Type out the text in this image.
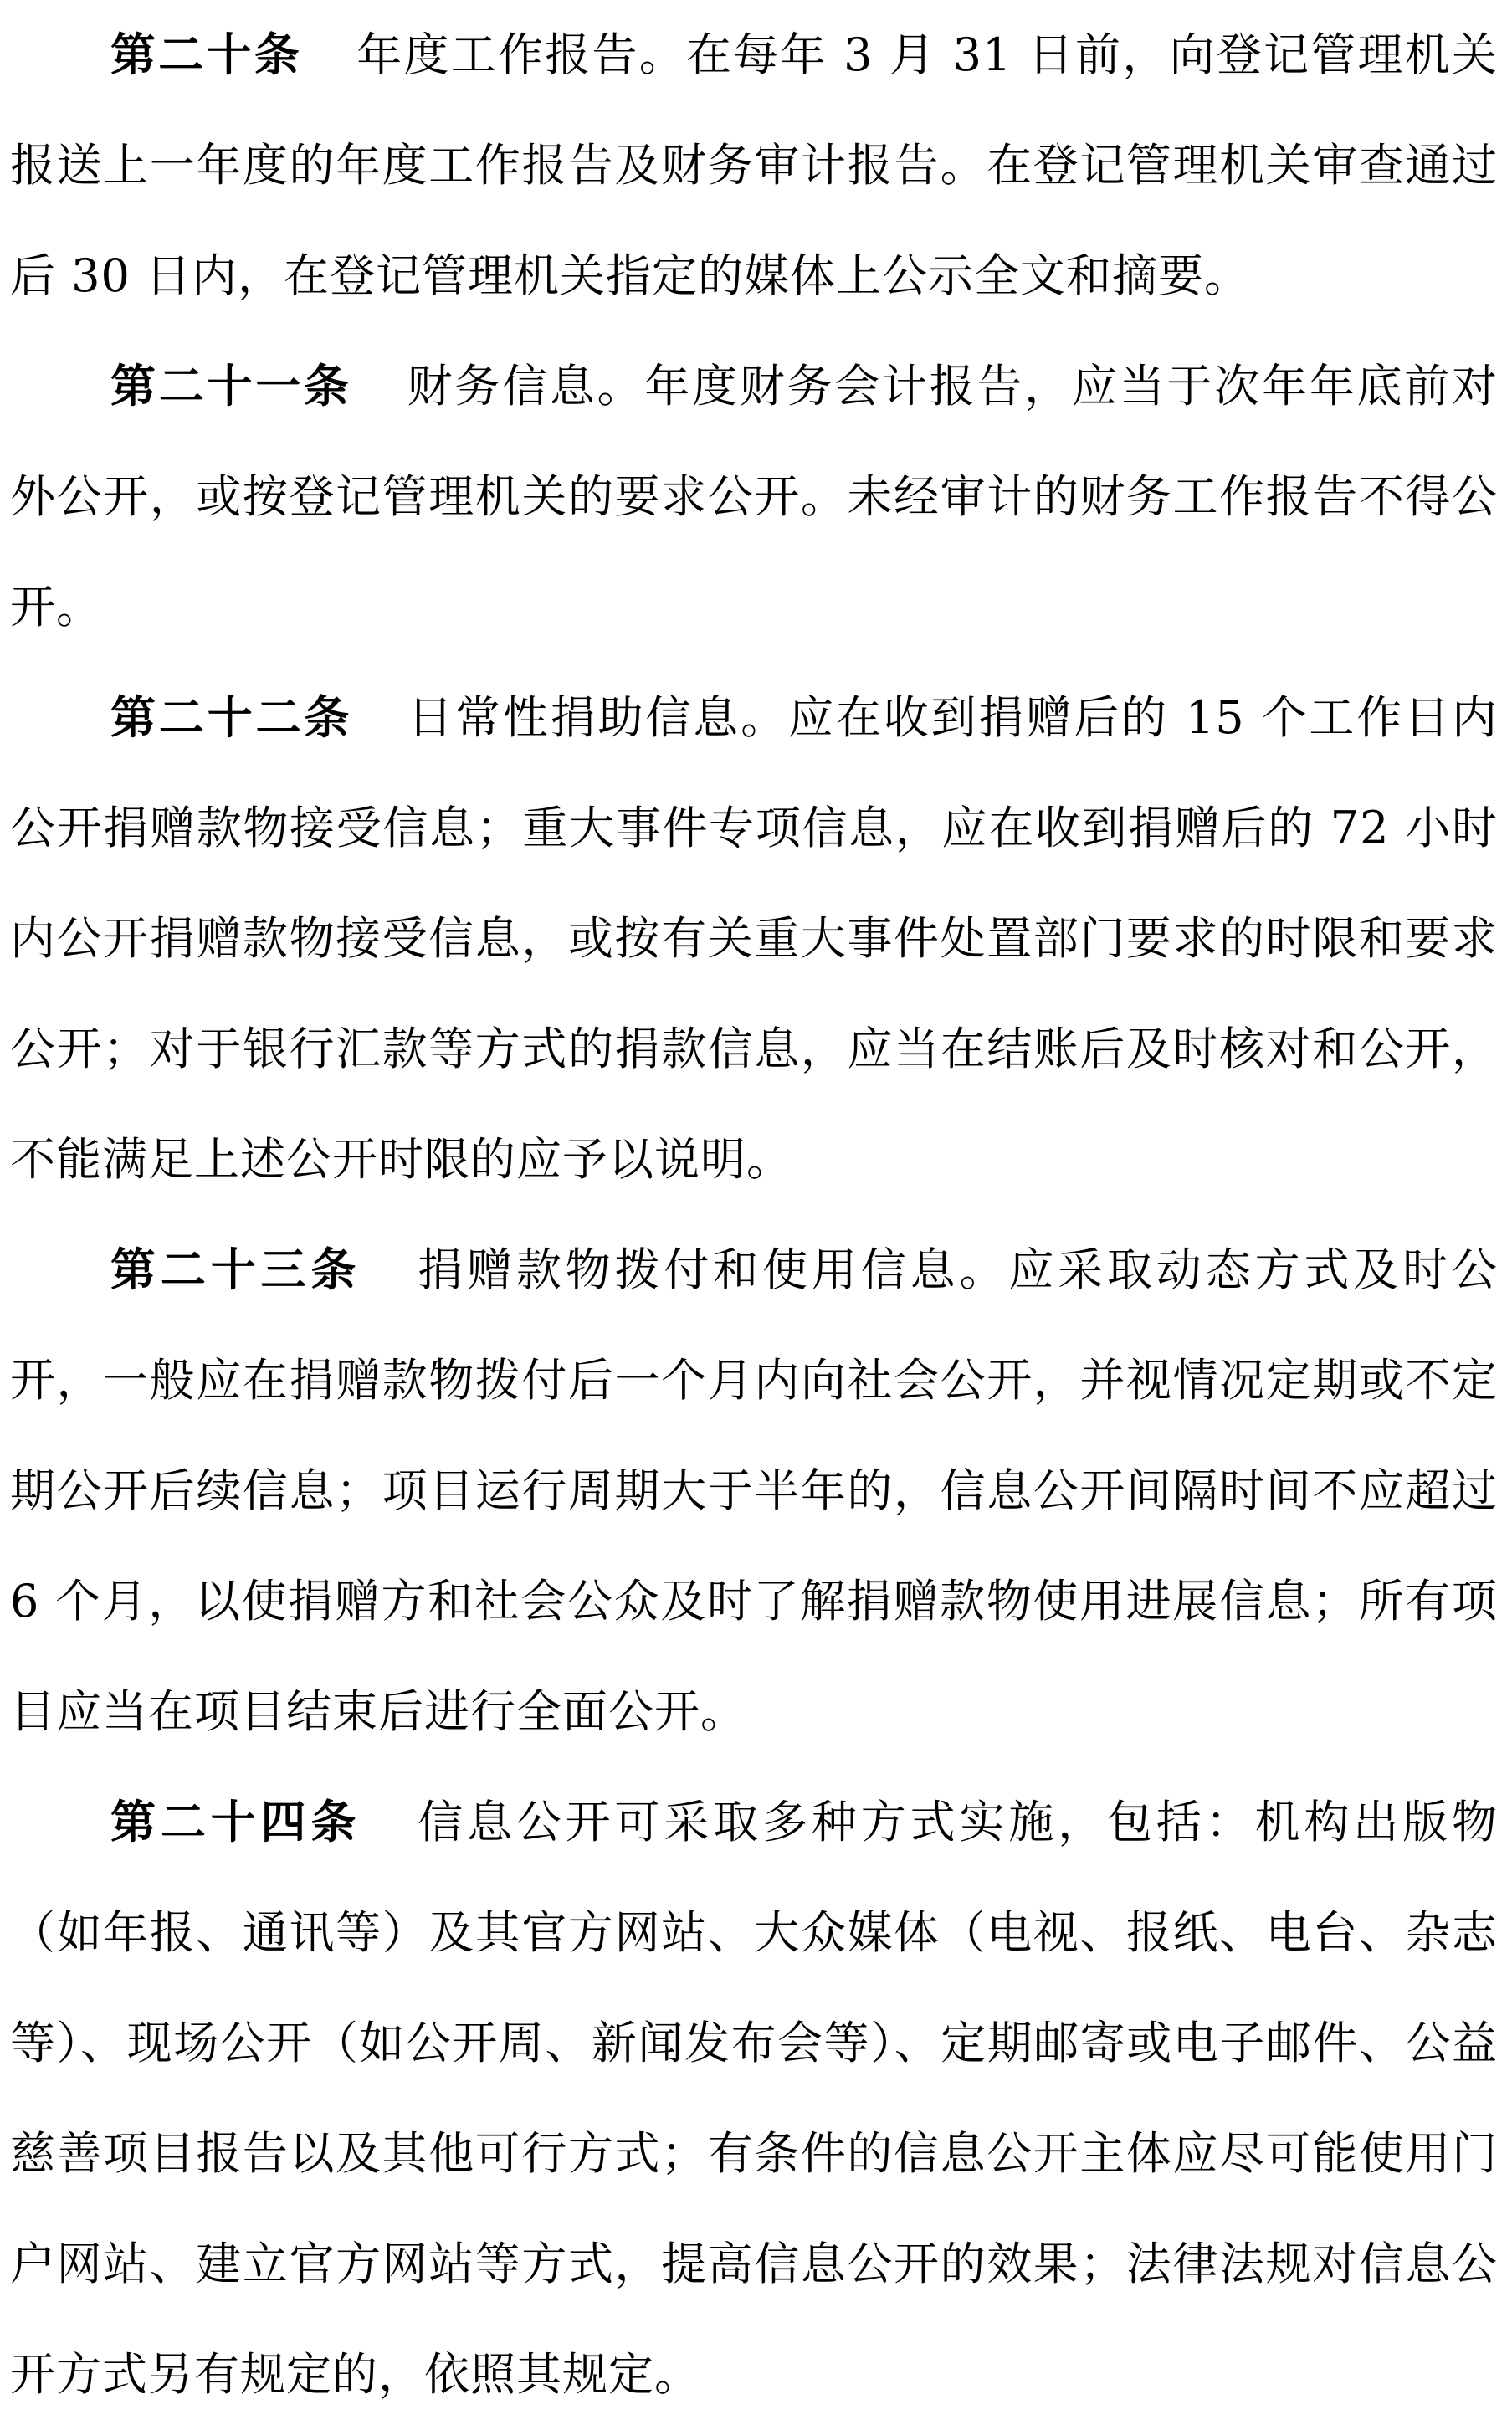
第二十条 年度工作报告。在每年 3 月 31 日前，向登记管理机关报送上一年度的年度工作报告及财务审计报告。在登记管理机关审查通过后 30 日内，在登记管理机关指定的媒体上公示全文和摘要。

第二十一条 财务信息。年度财务会计报告，应当于次年年底前对外公开，或按登记管理机关的要求公开。未经审计的财务工作报告不得公开。

第二十二条 日常性捐助信息。应在收到捐赠后的 15 个工作日内公开捐赠款物接受信息；重大事件专项信息，应在收到捐赠后的 72 小时内公开捐赠款物接受信息，或按有关重大事件处置部门要求的时限和要求公开；对于银行汇款等方式的捐款信息，应当在结账后及时核对和公开，不能满足上述公开时限的应予以说明。

第二十三条 捐赠款物拨付和使用信息。应采取动态方式及时公开，一般应在捐赠款物拨付后一个月内向社会公开，并视情况定期或不定期公开后续信息；项目运行周期大于半年的，信息公开间隔时间不应超过 6 个月，以使捐赠方和社会公众及时了解捐赠款物使用进展信息；所有项目应当在项目结束后进行全面公开。

第二十四条 信息公开可采取多种方式实施，包括：机构出版物（如年报、通讯等）及其官方网站、大众媒体（电视、报纸、电台、杂志等）、现场公开（如公开周、新闻发布会等）、定期邮寄或电子邮件、公益慈善项目报告以及其他可行方式；有条件的信息公开主体应尽可能使用门户网站、建立官方网站等方式，提高信息公开的效果；法律法规对信息公开方式另有规定的，依照其规定。
